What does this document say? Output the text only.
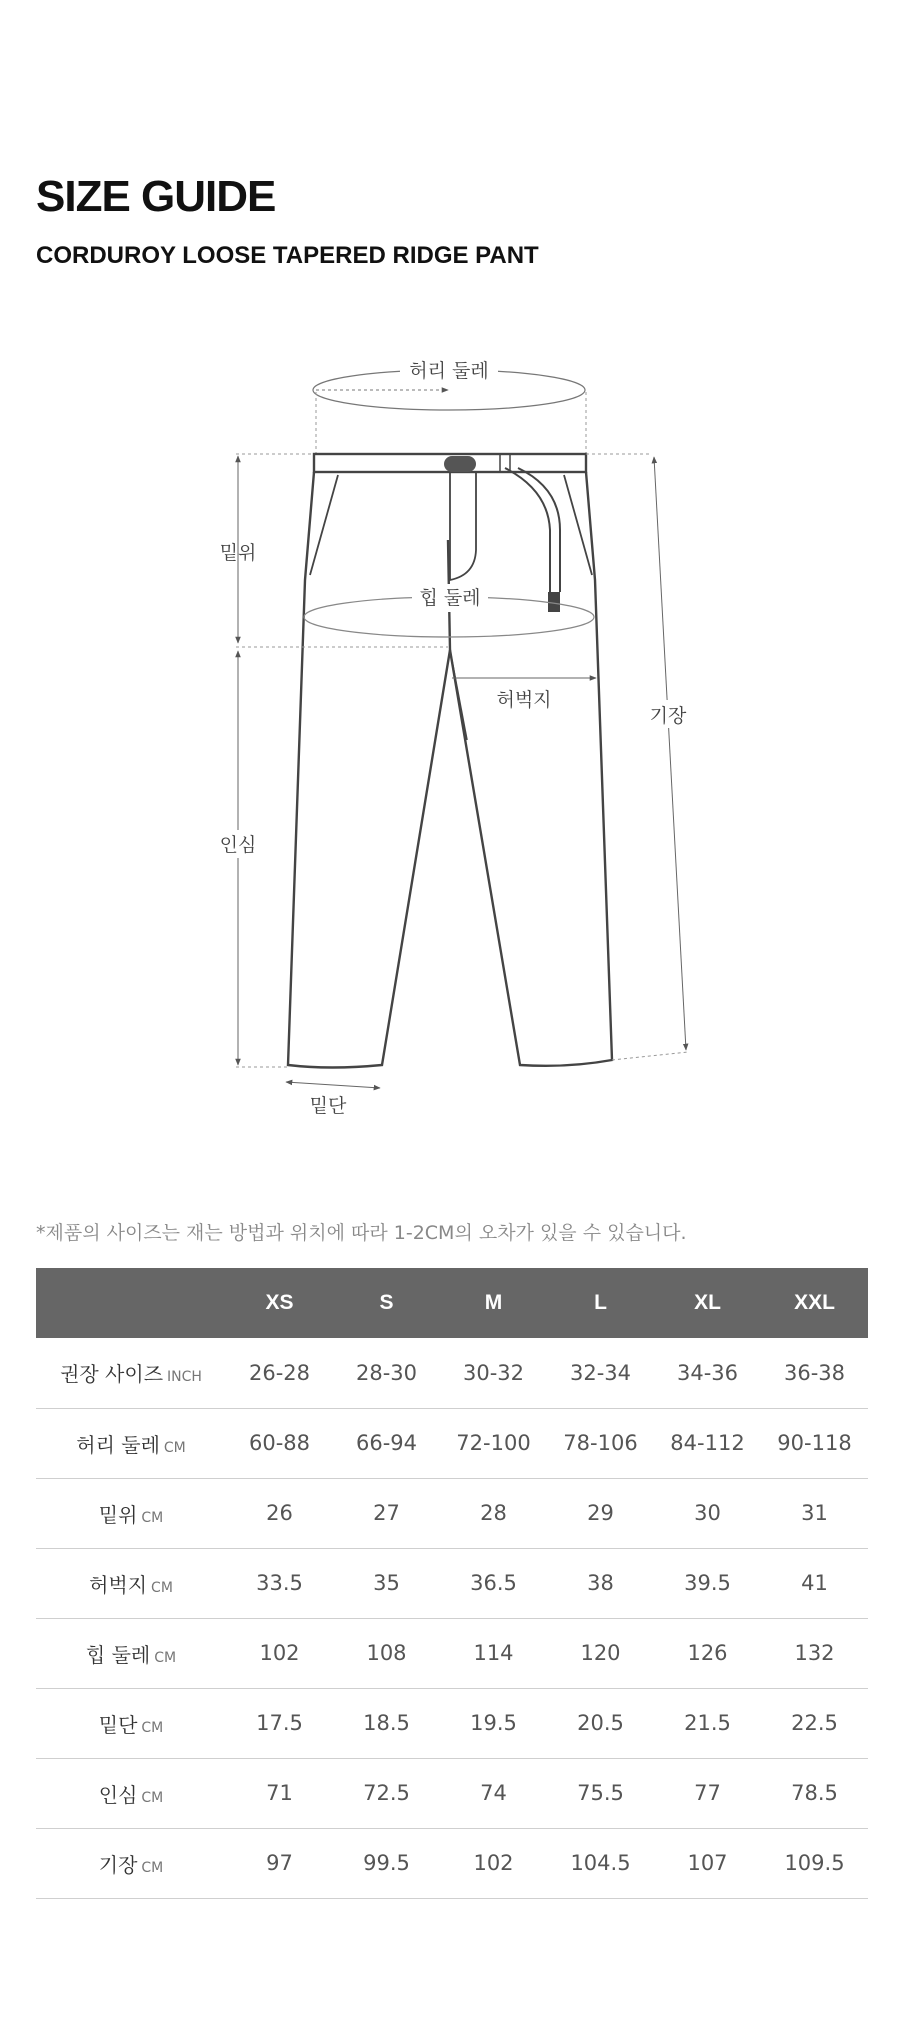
SIZE GUIDE
CORDUROY LOOSE TAPERED RIDGE PANT
허리 둘레
힙 둘레
밑위
허벅지
인심
기장
밑단

*제품의 사이즈는 재는 방법과 위치에 따라 1-2CM의 오차가 있을 수 있습니다.

	XS	S	M	L	XL	XXL
권장 사이즈 INCH	26-28	28-30	30-32	32-34	34-36	36-38
허리 둘레 CM	60-88	66-94	72-100	78-106	84-112	90-118
밑위 CM	26	27	28	29	30	31
허벅지 CM	33.5	35	36.5	38	39.5	41
힙 둘레 CM	102	108	114	120	126	132
밑단 CM	17.5	18.5	19.5	20.5	21.5	22.5
인심 CM	71	72.5	74	75.5	77	78.5
기장 CM	97	99.5	102	104.5	107	109.5
